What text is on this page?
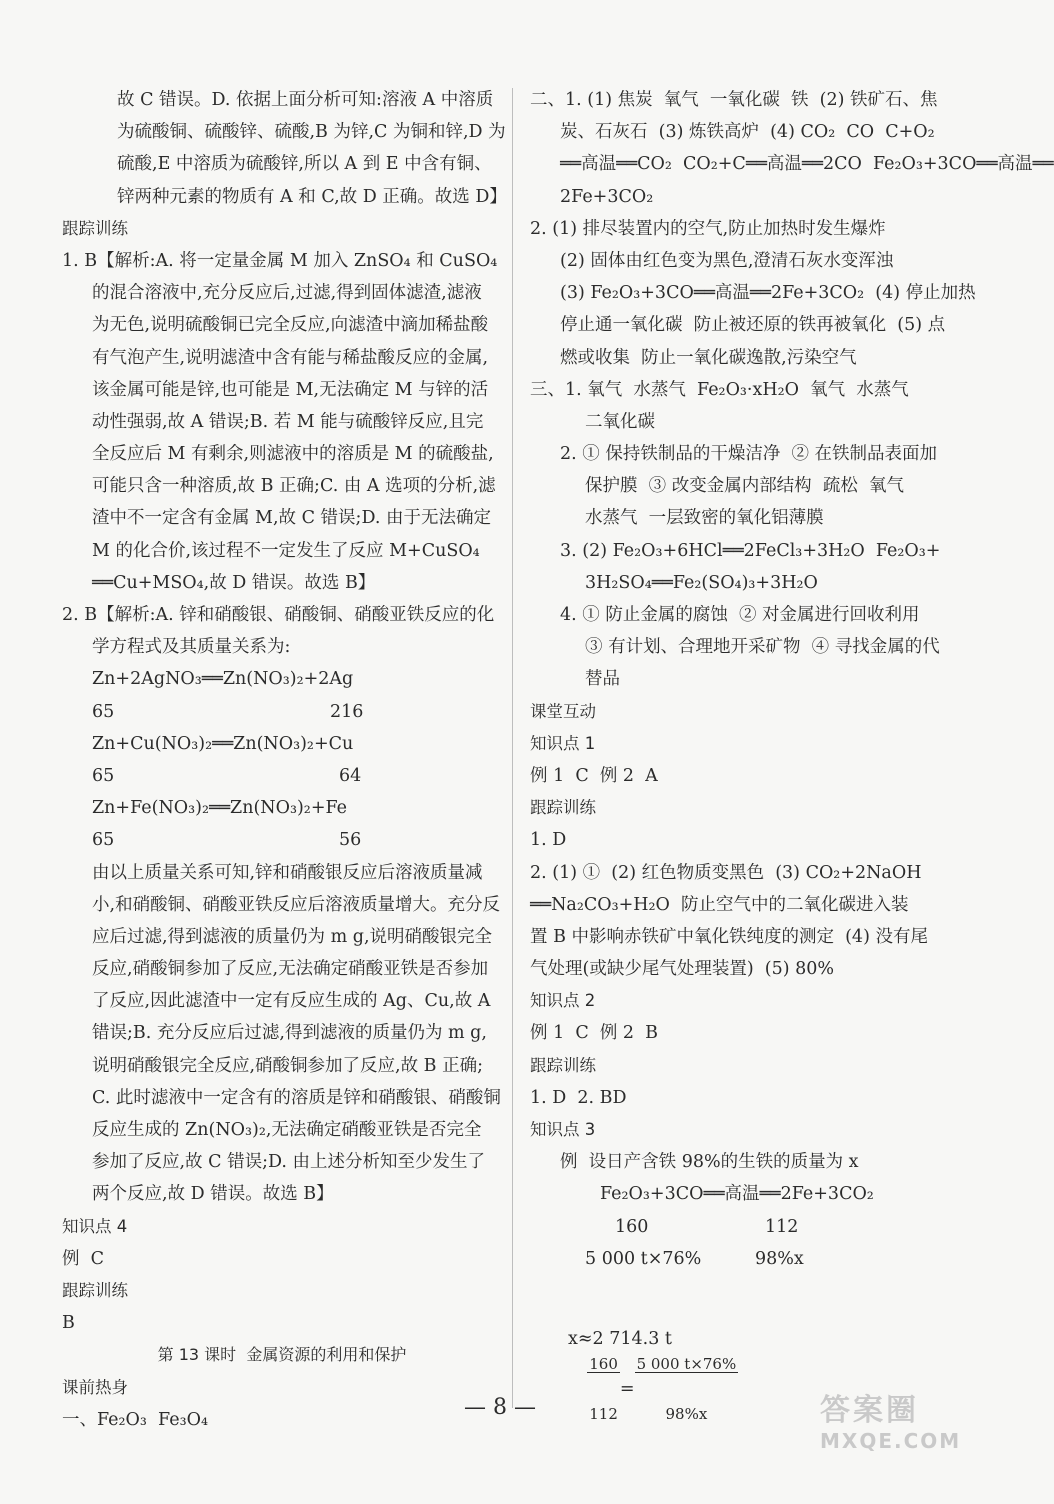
故 C 错误。D. 依据上面分析可知:溶液 A 中溶质
为硫酸铜、硫酸锌、硫酸,B 为锌,C 为铜和锌,D 为
硫酸,E 中溶质为硫酸锌,所以 A 到 E 中含有铜、
锌两种元素的物质有 A 和 C,故 D 正确。故选 D】
跟踪训练
1. B【解析:A. 将一定量金属 M 加入 ZnSO₄ 和 CuSO₄
的混合溶液中,充分反应后,过滤,得到固体滤渣,滤液
为无色,说明硫酸铜已完全反应,向滤渣中滴加稀盐酸
有气泡产生,说明滤渣中含有能与稀盐酸反应的金属,
该金属可能是锌,也可能是 M,无法确定 M 与锌的活
动性强弱,故 A 错误;B. 若 M 能与硫酸锌反应,且完
全反应后 M 有剩余,则滤液中的溶质是 M 的硫酸盐,
可能只含一种溶质,故 B 正确;C. 由 A 选项的分析,滤
渣中不一定含有金属 M,故 C 错误;D. 由于无法确定
M 的化合价,该过程不一定发生了反应 M+CuSO₄
══Cu+MSO₄,故 D 错误。故选 B】
2. B【解析:A. 锌和硝酸银、硝酸铜、硝酸亚铁反应的化
学方程式及其质量关系为:
Zn+2AgNO₃══Zn(NO₃)₂+2Ag
65	216
Zn+Cu(NO₃)₂══Zn(NO₃)₂+Cu
65	64
Zn+Fe(NO₃)₂══Zn(NO₃)₂+Fe
65	56
由以上质量关系可知,锌和硝酸银反应后溶液质量减
小,和硝酸铜、硝酸亚铁反应后溶液质量增大。充分反
应后过滤,得到滤液的质量仍为 m g,说明硝酸银完全
反应,硝酸铜参加了反应,无法确定硝酸亚铁是否参加
了反应,因此滤渣中一定有反应生成的 Ag、Cu,故 A
错误;B. 充分反应后过滤,得到滤液的质量仍为 m g,
说明硝酸银完全反应,硝酸铜参加了反应,故 B 正确;
C. 此时滤液中一定含有的溶质是锌和硝酸银、硝酸铜
反应生成的 Zn(NO₃)₂,无法确定硝酸亚铁是否完全
参加了反应,故 C 错误;D. 由上述分析知至少发生了
两个反应,故 D 错误。故选 B】
知识点 4
例  C
跟踪训练
B
第 13 课时  金属资源的利用和保护
课前热身
一、Fe₂O₃  Fe₃O₄
二、1. (1) 焦炭  氧气  一氧化碳  铁  (2) 铁矿石、焦
炭、石灰石  (3) 炼铁高炉  (4) CO₂  CO  C+O₂
══高温══CO₂  CO₂+C══高温══2CO  Fe₂O₃+3CO══高温══
2Fe+3CO₂
2. (1) 排尽装置内的空气,防止加热时发生爆炸
(2) 固体由红色变为黑色,澄清石灰水变浑浊
(3) Fe₂O₃+3CO══高温══2Fe+3CO₂  (4) 停止加热
停止通一氧化碳  防止被还原的铁再被氧化  (5) 点
燃或收集  防止一氧化碳逸散,污染空气
三、1. 氧气  水蒸气  Fe₂O₃·xH₂O  氧气  水蒸气
二氧化碳
2. ① 保持铁制品的干燥洁净  ② 在铁制品表面加
保护膜  ③ 改变金属内部结构  疏松  氧气
水蒸气  一层致密的氧化铝薄膜
3. (2) Fe₂O₃+6HCl══2FeCl₃+3H₂O  Fe₂O₃+
3H₂SO₄══Fe₂(SO₄)₃+3H₂O
4. ① 防止金属的腐蚀  ② 对金属进行回收利用
③ 有计划、合理地开采矿物  ④ 寻找金属的代
替品
课堂互动
知识点 1
例 1  C  例 2  A
跟踪训练
1. D
2. (1) ①  (2) 红色物质变黑色  (3) CO₂+2NaOH
══Na₂CO₃+H₂O  防止空气中的二氧化碳进入装
置 B 中影响赤铁矿中氧化铁纯度的测定  (4) 没有尾
气处理(或缺少尾气处理装置)  (5) 80%
知识点 2
例 1  C  例 2  B
跟踪训练
1. D  2. BD
知识点 3
例  设日产含铁 98%的生铁的质量为 x
Fe₂O₃+3CO══高温══2Fe+3CO₂
160	112
5 000 t×76%	98%x

$\frac{160}{112}$ =
$\frac{5 000 t\times 76\%}{98\%x}$

x≈2 714.3 t
— 8 —	答案圈
MXQE.COM
